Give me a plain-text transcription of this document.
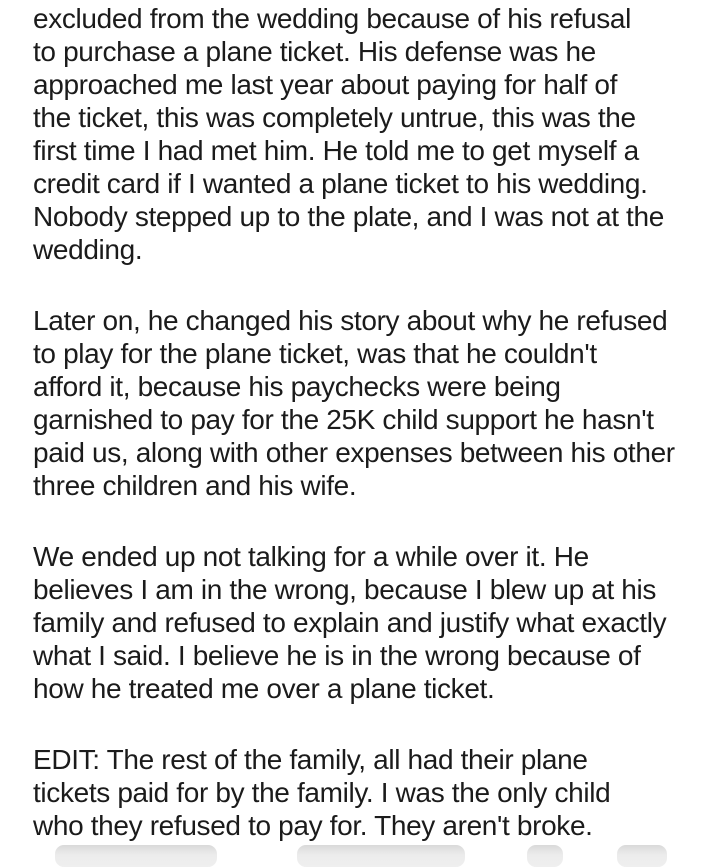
excluded from the wedding because of his refusal
to purchase a plane ticket. His defense was he
approached me last year about paying for half of
the ticket, this was completely untrue, this was the
first time I had met him. He told me to get myself a
credit card if I wanted a plane ticket to his wedding.
Nobody stepped up to the plate, and I was not at the
wedding.

Later on, he changed his story about why he refused
to play for the plane ticket, was that he couldn't
afford it, because his paychecks were being
garnished to pay for the 25K child support he hasn't
paid us, along with other expenses between his other
three children and his wife.

We ended up not talking for a while over it. He
believes I am in the wrong, because I blew up at his
family and refused to explain and justify what exactly
what I said. I believe he is in the wrong because of
how he treated me over a plane ticket.

EDIT: The rest of the family, all had their plane
tickets paid for by the family. I was the only child
who they refused to pay for. They aren't broke.
